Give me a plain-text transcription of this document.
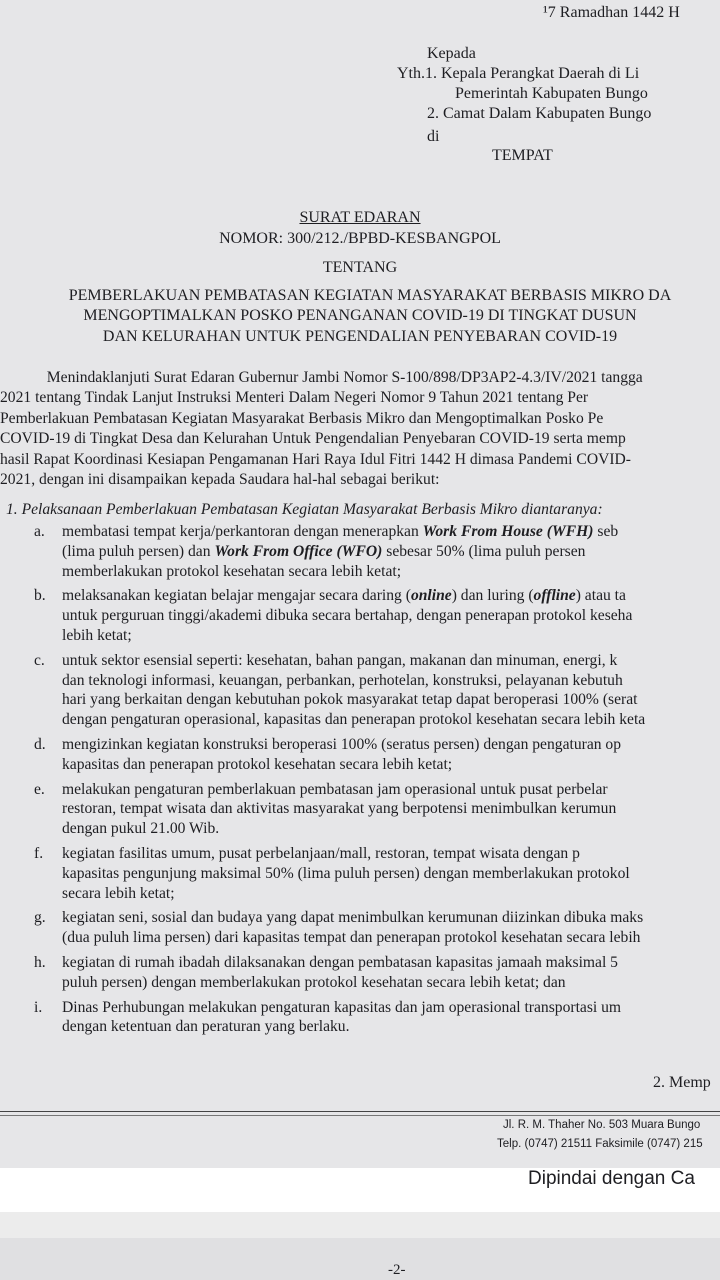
¹7 Ramadhan 1442 H
Kepada
Yth.1. Kepala Perangkat Daerah di Li
Pemerintah Kabupaten Bungo
2. Camat Dalam Kabupaten Bungo
di
TEMPAT
SURAT EDARAN
NOMOR: 300/212./BPBD-KESBANGPOL
TENTANG
PEMBERLAKUAN PEMBATASAN KEGIATAN MASYARAKAT BERBASIS MIKRO DA
MENGOPTIMALKAN POSKO PENANGANAN COVID-19 DI TINGKAT DUSUN
DAN KELURAHAN UNTUK PENGENDALIAN PENYEBARAN COVID-19
Menindaklanjuti Surat Edaran Gubernur Jambi Nomor S-100/898/DP3AP2-4.3/IV/2021 tangga
2021 tentang Tindak Lanjut Instruksi Menteri Dalam Negeri Nomor 9 Tahun 2021 tentang Per
Pemberlakuan Pembatasan Kegiatan Masyarakat Berbasis Mikro dan Mengoptimalkan Posko Pe
COVID-19 di Tingkat Desa dan Kelurahan Untuk Pengendalian Penyebaran COVID-19 serta memp
hasil Rapat Koordinasi Kesiapan Pengamanan Hari Raya Idul Fitri 1442 H dimasa Pandemi COVID-
2021, dengan ini disampaikan kepada Saudara hal-hal sebagai berikut:
1. Pelaksanaan Pemberlakuan Pembatasan Kegiatan Masyarakat Berbasis Mikro diantaranya:
a. membatasi tempat kerja/perkantoran dengan menerapkan Work From House (WFH) seb
(lima puluh persen) dan Work From Office (WFO) sebesar 50% (lima puluh persen
memberlakukan protokol kesehatan secara lebih ketat;
b. melaksanakan kegiatan belajar mengajar secara daring (online) dan luring (offline) atau ta
untuk perguruan tinggi/akademi dibuka secara bertahap, dengan penerapan protokol keseha
lebih ketat;
c. untuk sektor esensial seperti: kesehatan, bahan pangan, makanan dan minuman, energi, k
dan teknologi informasi, keuangan, perbankan, perhotelan, konstruksi, pelayanan kebutuh
hari yang berkaitan dengan kebutuhan pokok masyarakat tetap dapat beroperasi 100% (serat
dengan pengaturan operasional, kapasitas dan penerapan protokol kesehatan secara lebih keta
d. mengizinkan kegiatan konstruksi beroperasi 100% (seratus persen) dengan pengaturan op
kapasitas dan penerapan protokol kesehatan secara lebih ketat;
e. melakukan pengaturan pemberlakuan pembatasan jam operasional untuk pusat perbelar
restoran, tempat wisata dan aktivitas masyarakat yang berpotensi menimbulkan kerumun
dengan pukul 21.00 Wib.
f. kegiatan fasilitas umum, pusat perbelanjaan/mall, restoran, tempat wisata dengan p
kapasitas pengunjung maksimal 50% (lima puluh persen) dengan memberlakukan protokol
secara lebih ketat;
g. kegiatan seni, sosial dan budaya yang dapat menimbulkan kerumunan diizinkan dibuka maks
(dua puluh lima persen) dari kapasitas tempat dan penerapan protokol kesehatan secara lebih
h. kegiatan di rumah ibadah dilaksanakan dengan pembatasan kapasitas jamaah maksimal 5
puluh persen) dengan memberlakukan protokol kesehatan secara lebih ketat; dan
i. Dinas Perhubungan melakukan pengaturan kapasitas dan jam operasional transportasi um
dengan ketentuan dan peraturan yang berlaku.
2. Memp
Jl. R. M. Thaher No. 503 Muara Bungo
Telp. (0747) 21511 Faksimile (0747) 215
Dipindai dengan Ca
-2-
